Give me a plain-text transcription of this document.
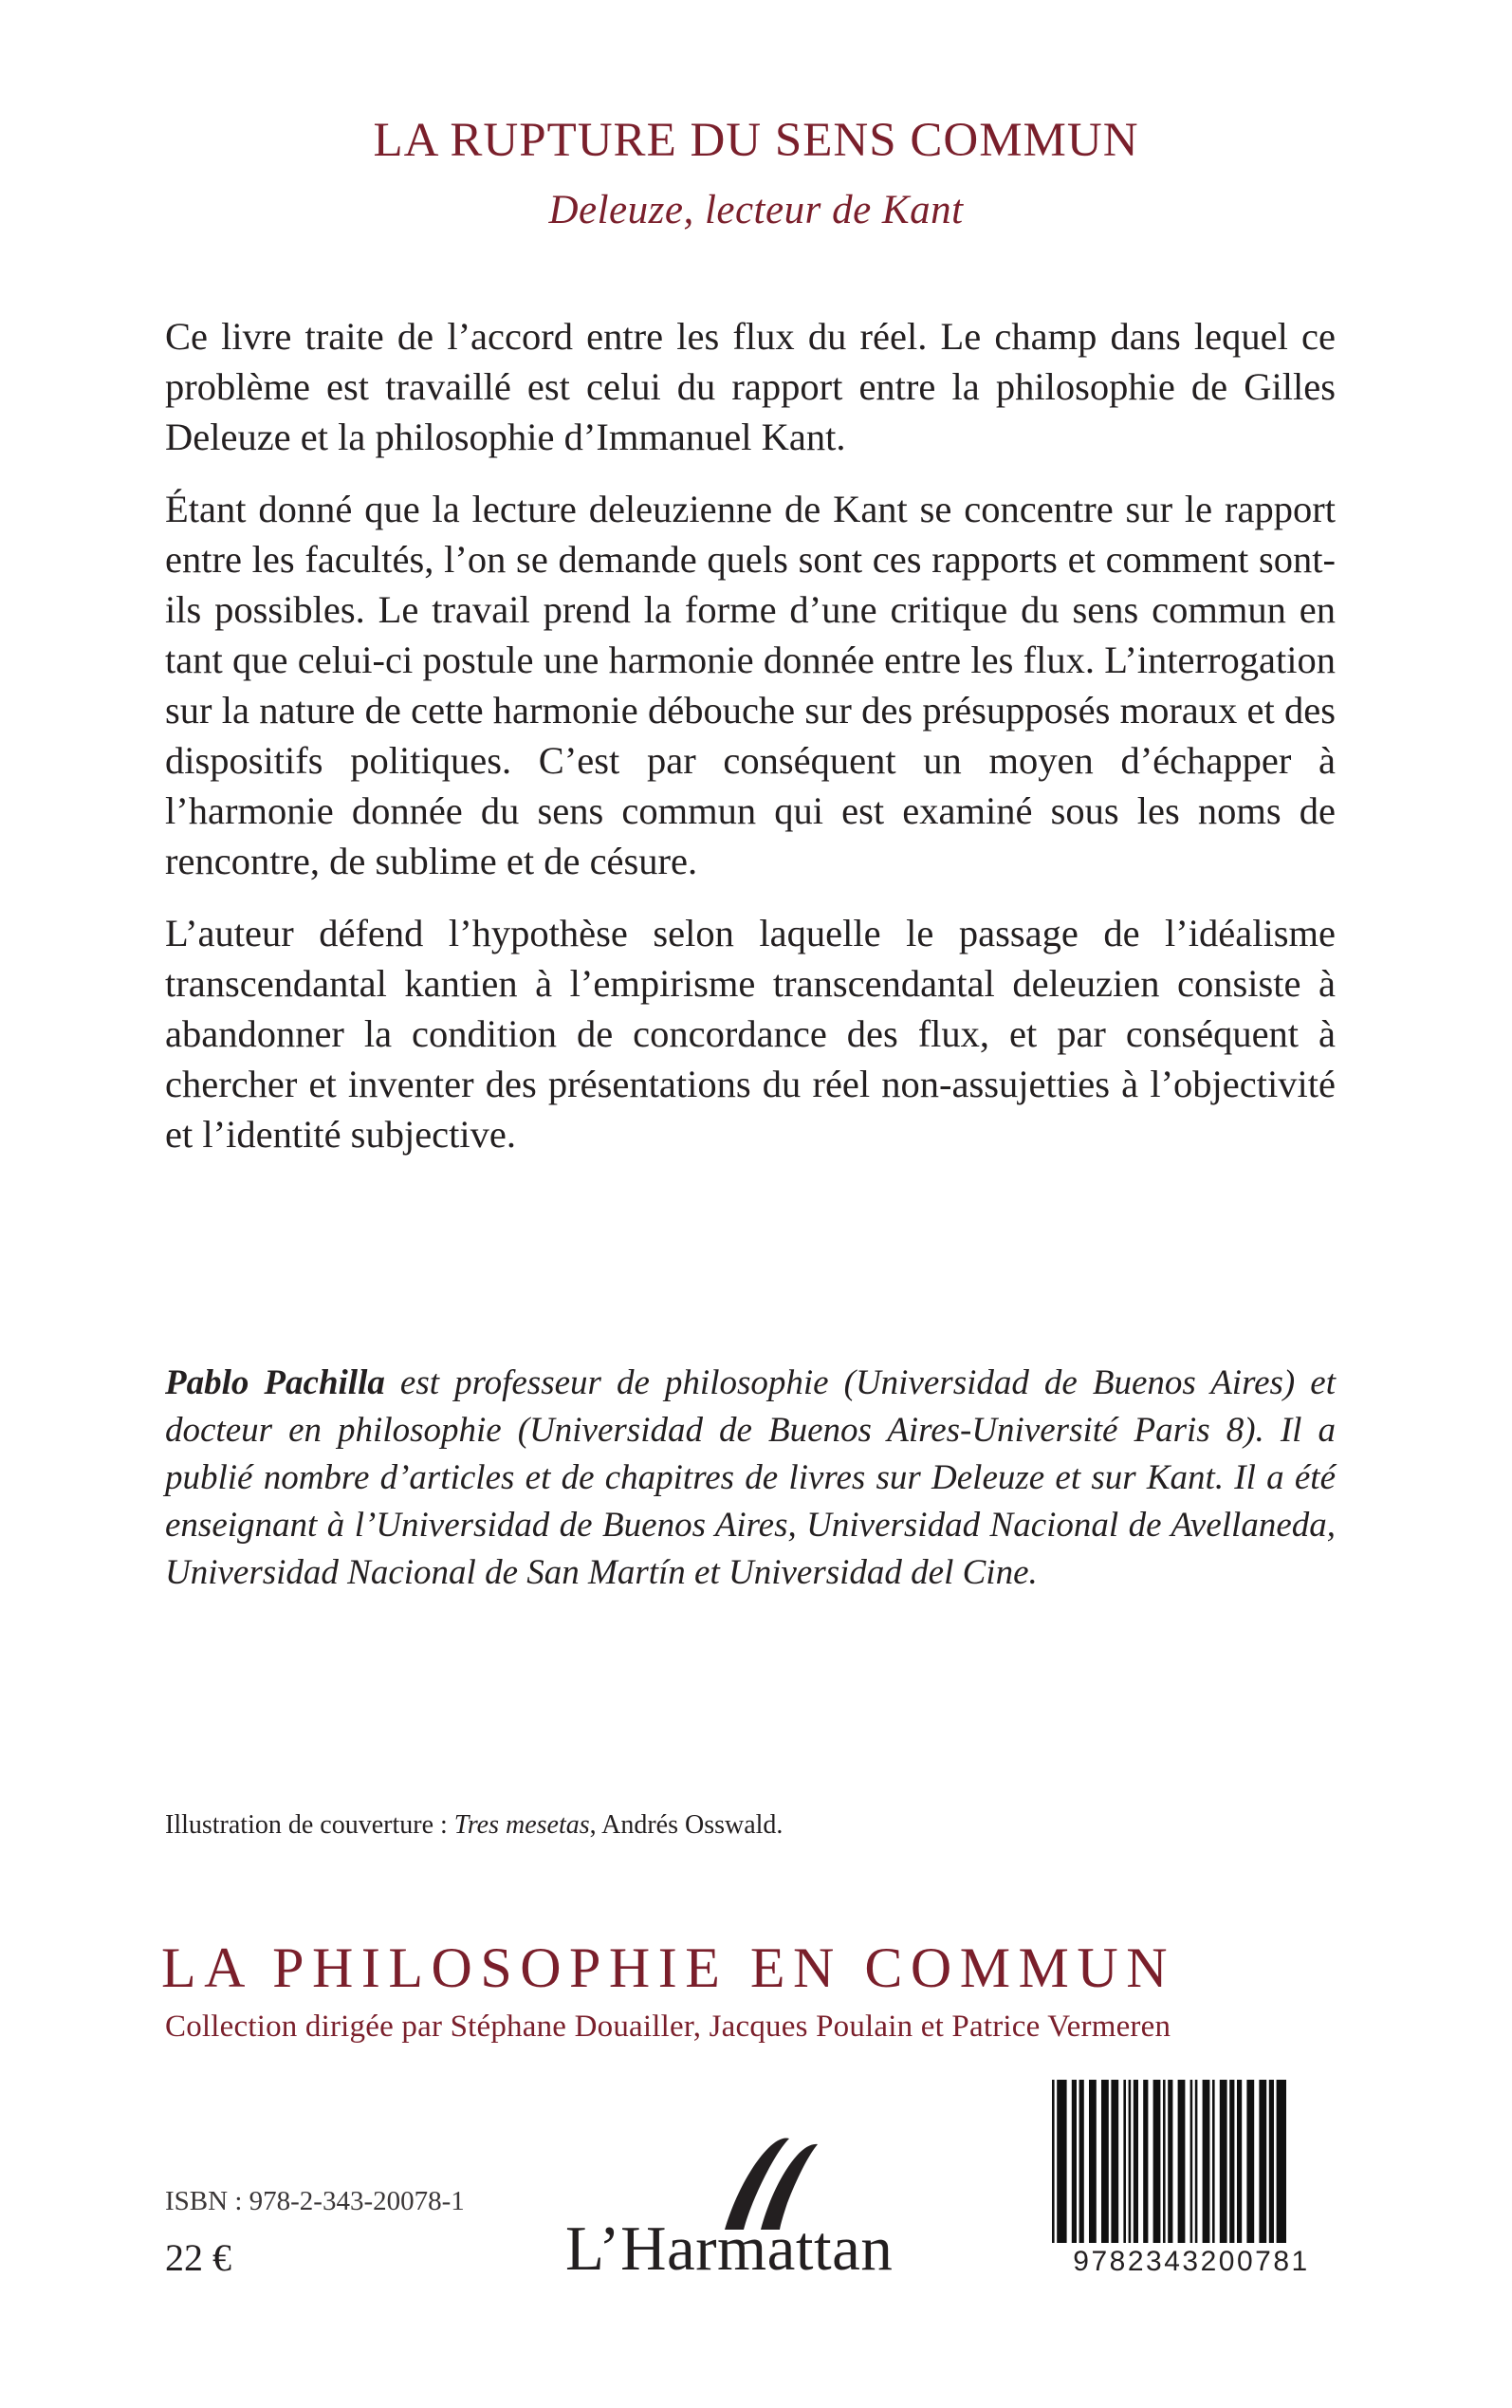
LA RUPTURE DU SENS COMMUN
Deleuze, lecteur de Kant

Ce livre traite de l’accord entre les flux du réel. Le champ dans lequel ce problème est travaillé est celui du rapport entre la philosophie de Gilles Deleuze et la philosophie d’Immanuel Kant.

Étant donné que la lecture deleuzienne de Kant se concentre sur le rapport entre les facultés, l’on se demande quels sont ces rapports et comment sont-ils possibles. Le travail prend la forme d’une critique du sens commun en tant que celui-ci postule une harmonie donnée entre les flux. L’interrogation sur la nature de cette harmonie débouche sur des présupposés moraux et des dispositifs politiques. C’est par conséquent un moyen d’échapper à l’harmonie donnée du sens commun qui est examiné sous les noms de rencontre, de sublime et de césure.

L’auteur défend l’hypothèse selon laquelle le passage de l’idéalisme transcendantal kantien à l’empirisme transcendantal deleuzien consiste à abandonner la condition de concordance des flux, et par conséquent à chercher et inventer des présentations du réel non-assujetties à l’objectivité et l’identité subjective.

Pablo Pachilla est professeur de philosophie (Universidad de Buenos Aires) et docteur en philosophie (Universidad de Buenos Aires-Université Paris 8). Il a publié nombre d’articles et de chapitres de livres sur Deleuze et sur Kant. Il a été enseignant à l’Universidad de Buenos Aires, Universidad Nacional de Avellaneda, Universidad Nacional de San Martín et Universidad del Cine.
Illustration de couverture : Tres mesetas, Andrés Osswald.
LA PHILOSOPHIE EN COMMUN
Collection dirigée par Stéphane Douailler, Jacques Poulain et Patrice Vermeren
ISBN : 978-2-343-20078-1
22 €	L’Harmattan	9782343200781
